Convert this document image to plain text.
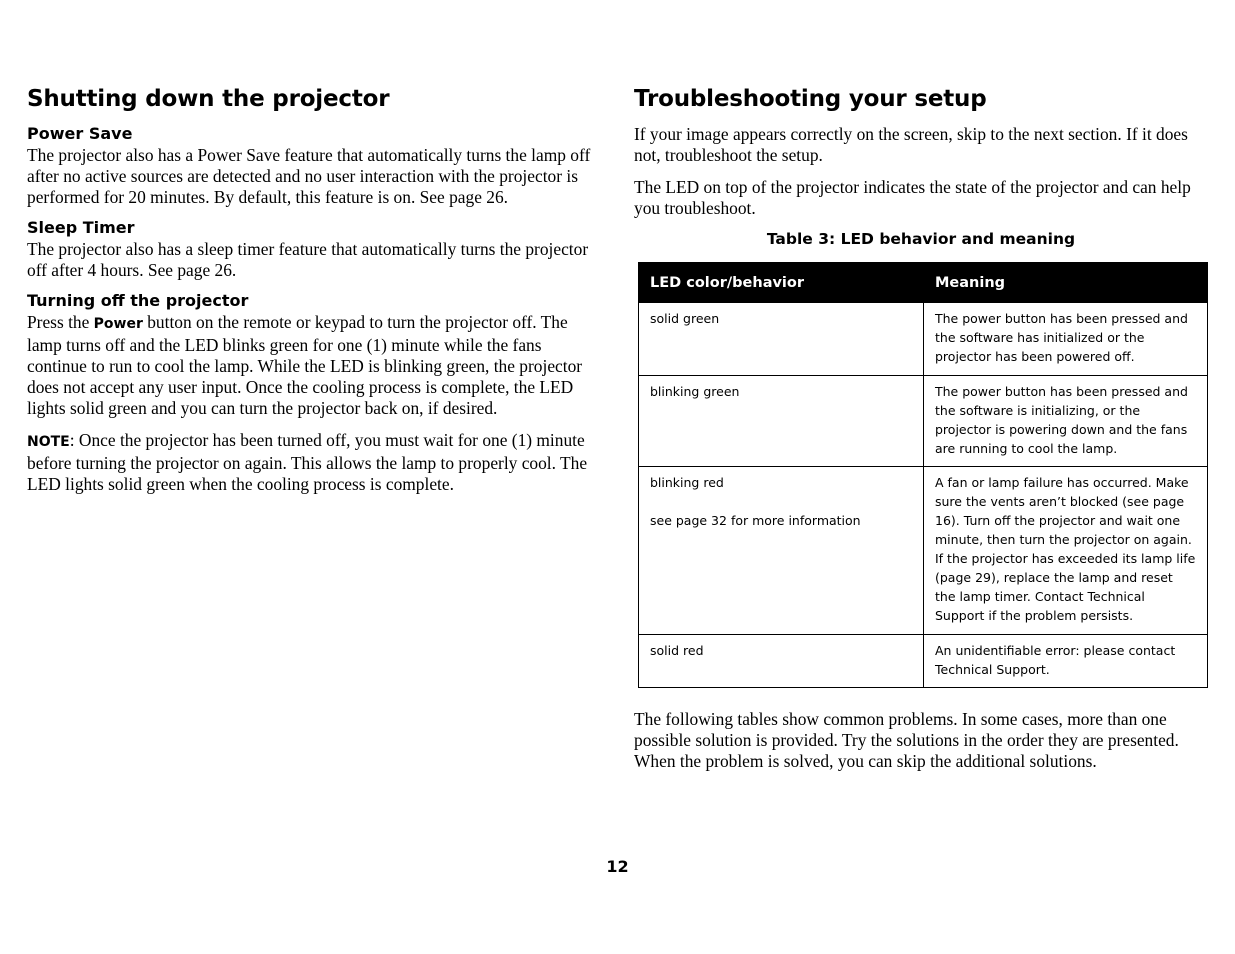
Shutting down the projector
Power Save

The projector also has a Power Save feature that automatically turns the lamp off after no active sources are detected and no user interaction with the projector is performed for 20 minutes. By default, this feature is on. See page 26.

Sleep Timer

The projector also has a sleep timer feature that automatically turns the projector off after 4 hours. See page 26.

Turning off the projector

Press the Power button on the remote or keypad to turn the projector off. The lamp turns off and the LED blinks green for one (1) minute while the fans continue to run to cool the lamp. While the LED is blinking green, the projector does not accept any user input. Once the cooling process is complete, the LED lights solid green and you can turn the projector back on, if desired.

NOTE: Once the projector has been turned off, you must wait for one (1) minute before turning the projector on again. This allows the lamp to properly cool. The LED lights solid green when the cooling process is complete.

Troubleshooting your setup

If your image appears correctly on the screen, skip to the next section. If it does not, troubleshoot the setup.

The LED on top of the projector indicates the state of the projector and can help you troubleshoot.

Table 3: LED behavior and meaning
LED color/behavior	Meaning

solid green	The power button has been pressed and the software has initialized or the projector has been powered off.

blinking green	The power button has been pressed and the software is initializing, or the projector is powering down and the fans are running to cool the lamp.

blinking red
see page 32 for more information	A fan or lamp failure has occurred. Make sure the vents aren’t blocked (see page 16). Turn off the projector and wait one minute, then turn the projector on again. If the projector has exceeded its lamp life (page 29), replace the lamp and reset the lamp timer. Contact Technical Support if the problem persists.

solid red	An unidentifiable error: please contact Technical Support.

The following tables show common problems. In some cases, more than one possible solution is provided. Try the solutions in the order they are presented. When the problem is solved, you can skip the additional solutions.

12
